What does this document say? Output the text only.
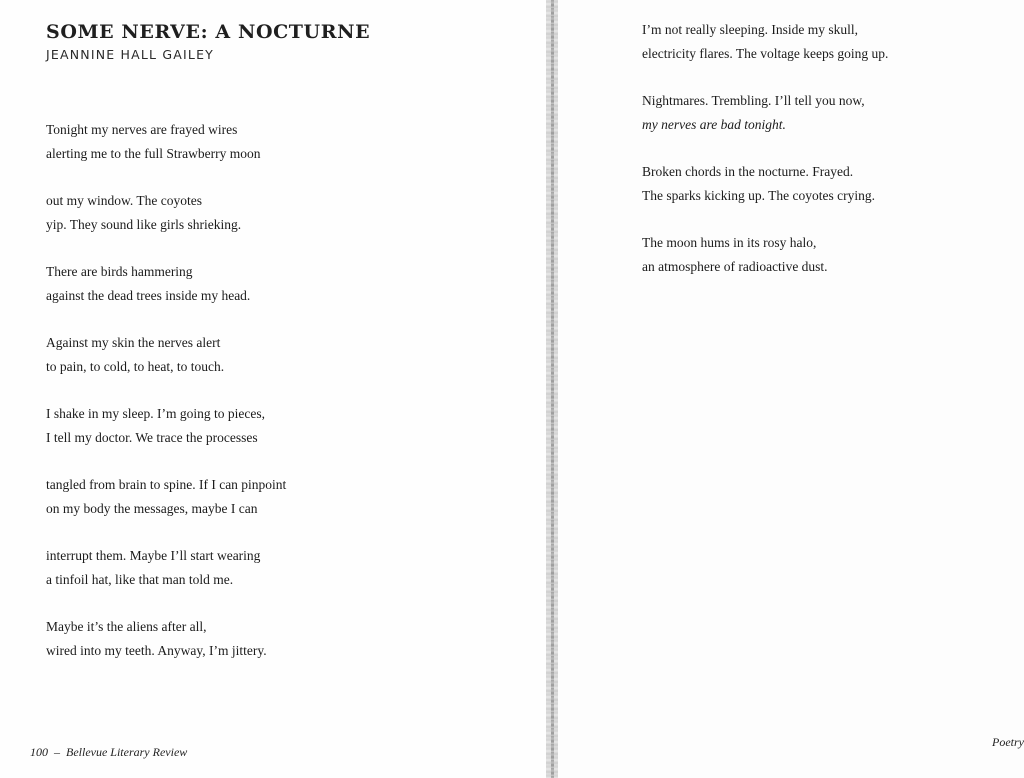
SOME NERVE: A NOCTURNE
JEANNINE HALL GAILEY
Tonight my nerves are frayed wires
alerting me to the full Strawberry moon
out my window. The coyotes
yip. They sound like girls shrieking.
There are birds hammering
against the dead trees inside my head.
Against my skin the nerves alert
to pain, to cold, to heat, to touch.
I shake in my sleep. I’m going to pieces,
I tell my doctor. We trace the processes
tangled from brain to spine. If I can pinpoint
on my body the messages, maybe I can
interrupt them. Maybe I’ll start wearing
a tinfoil hat, like that man told me.
Maybe it’s the aliens after all,
wired into my teeth. Anyway, I’m jittery.
100 – Bellevue Literary Review
I’m not really sleeping. Inside my skull,
electricity flares. The voltage keeps going up.
Nightmares. Trembling. I’ll tell you now,
my nerves are bad tonight.
Broken chords in the nocturne. Frayed.
The sparks kicking up. The coyotes crying.
The moon hums in its rosy halo,
an atmosphere of radioactive dust.
Poetry
